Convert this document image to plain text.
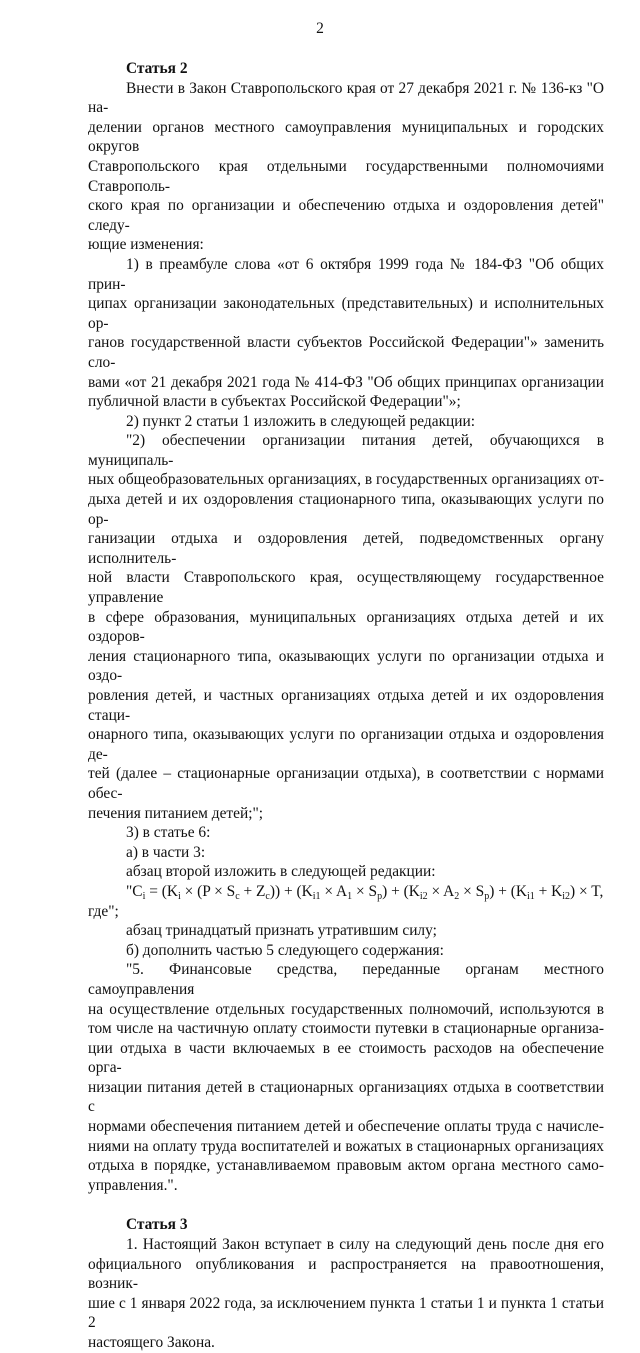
2
Статья 2
Внести в Закон Ставропольского края от 27 декабря 2021 г. № 136-кз "О на-
делении органов местного самоуправления муниципальных и городских округов
Ставропольского края отдельными государственными полномочиями Ставрополь-
ского края по организации и обеспечению отдыха и оздоровления детей" следу-
ющие изменения:
1) в преамбуле слова «от 6 октября 1999 года № 184-ФЗ "Об общих прин-
ципах организации законодательных (представительных) и исполнительных ор-
ганов государственной власти субъектов Российской Федерации"» заменить сло-
вами «от 21 декабря 2021 года № 414-ФЗ "Об общих принципах организации
публичной власти в субъектах Российской Федерации"»;
2) пункт 2 статьи 1 изложить в следующей редакции:
"2) обеспечении организации питания детей, обучающихся в муниципаль-
ных общеобразовательных организациях, в государственных организациях от-
дыха детей и их оздоровления стационарного типа, оказывающих услуги по ор-
ганизации отдыха и оздоровления детей, подведомственных органу исполнитель-
ной власти Ставропольского края, осуществляющему государственное управление
в сфере образования, муниципальных организациях отдыха детей и их оздоров-
ления стационарного типа, оказывающих услуги по организации отдыха и оздо-
ровления детей, и частных организациях отдыха детей и их оздоровления стаци-
онарного типа, оказывающих услуги по организации отдыха и оздоровления де-
тей (далее – стационарные организации отдыха), в соответствии с нормами обес-
печения питанием детей;";
3) в статье 6:
а) в части 3:
абзац второй изложить в следующей редакции:
"$C_i = (K_i \times (P \times S_c + Z_c)) + (K_{i1} \times A_1 \times S_p) + (K_{i2} \times A_2 \times S_p) + (K_{i1} + K_{i2}) \times T$,
где";
абзац тринадцатый признать утратившим силу;
б) дополнить частью 5 следующего содержания:
"5. Финансовые средства, переданные органам местного самоуправления
на осуществление отдельных государственных полномочий, используются в
том числе на частичную оплату стоимости путевки в стационарные организа-
ции отдыха в части включаемых в ее стоимость расходов на обеспечение орга-
низации питания детей в стационарных организациях отдыха в соответствии с
нормами обеспечения питанием детей и обеспечение оплаты труда с начисле-
ниями на оплату труда воспитателей и вожатых в стационарных организациях
отдыха в порядке, устанавливаемом правовым актом органа местного само-
управления.".
Статья 3
1. Настоящий Закон вступает в силу на следующий день после дня его
официального опубликования и распространяется на правоотношения, возник-
шие с 1 января 2022 года, за исключением пункта 1 статьи 1 и пункта 1 статьи 2
настоящего Закона.
